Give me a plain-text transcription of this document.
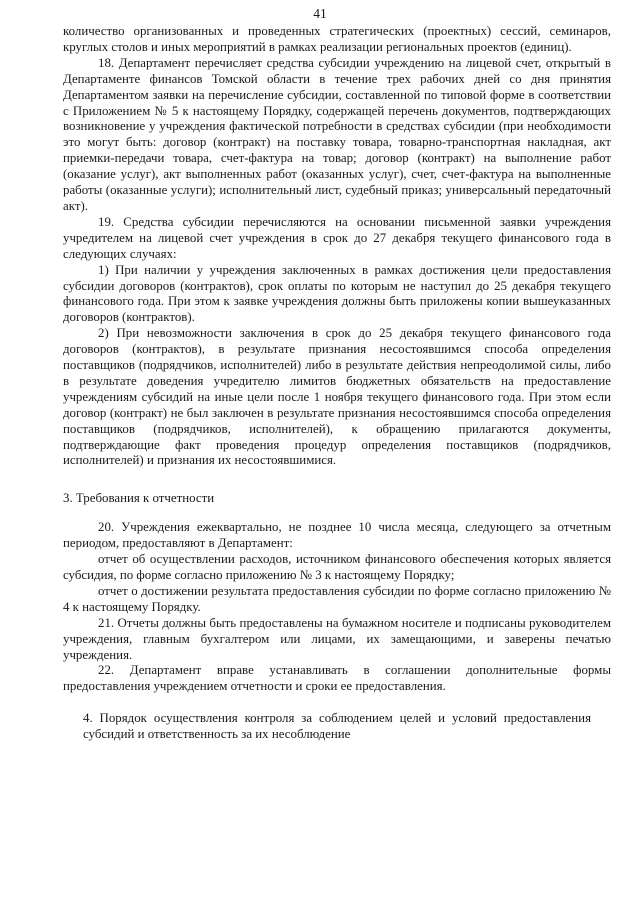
41

количество организованных и проведенных стратегических (проектных) сессий, семинаров, круглых столов и иных мероприятий в рамках реализации региональных проектов (единиц).

18. Департамент перечисляет средства субсидии учреждению на лицевой счет, открытый в Департаменте финансов Томской области в течение трех рабочих дней со дня принятия Департаментом заявки на перечисление субсидии, составленной по типовой форме в соответствии с Приложением № 5 к настоящему Порядку, содержащей перечень документов, подтверждающих возникновение у учреждения фактической потребности в средствах субсидии (при необходимости это могут быть: договор (контракт) на поставку товара, товарно-транспортная накладная, акт приемки-передачи товара, счет-фактура на товар; договор (контракт) на выполнение работ (оказание услуг), акт выполненных работ (оказанных услуг), счет, счет-фактура на выполненные работы (оказанные услуги); исполнительный лист, судебный приказ; универсальный передаточный акт).

19. Средства субсидии перечисляются на основании письменной заявки учреждения учредителем на лицевой счет учреждения в срок до 27 декабря текущего финансового года в следующих случаях:

1) При наличии у учреждения заключенных в рамках достижения цели предоставления субсидии договоров (контрактов), срок оплаты по которым не наступил до 25 декабря текущего финансового года. При этом к заявке учреждения должны быть приложены копии вышеуказанных договоров (контрактов).

2) При невозможности заключения в срок до 25 декабря текущего финансового года договоров (контрактов), в результате признания несостоявшимся способа определения поставщиков (подрядчиков, исполнителей) либо в результате действия непреодолимой силы, либо в результате доведения учредителю лимитов бюджетных обязательств на предоставление учреждениям субсидий на иные цели после 1 ноября текущего финансового года. При этом если договор (контракт) не был заключен в результате признания несостоявшимся способа определения поставщиков (подрядчиков, исполнителей), к обращению прилагаются документы, подтверждающие факт проведения процедур определения поставщиков (подрядчиков, исполнителей) и признания их несостоявшимися.

3. Требования к отчетности

20. Учреждения ежеквартально, не позднее 10 числа месяца, следующего за отчетным периодом, предоставляют в Департамент:

отчет об осуществлении расходов, источником финансового обеспечения которых является субсидия, по форме согласно приложению № 3 к настоящему Порядку;

отчет о достижении результата предоставления субсидии по форме согласно приложению № 4 к настоящему Порядку.

21. Отчеты должны быть предоставлены на бумажном носителе и подписаны руководителем учреждения, главным бухгалтером или лицами, их замещающими, и заверены печатью учреждения.

22. Департамент вправе устанавливать в соглашении дополнительные формы предоставления учреждением отчетности и сроки ее предоставления.

4. Порядок осуществления контроля за соблюдением целей и условий предоставления субсидий и ответственность за их несоблюдение
